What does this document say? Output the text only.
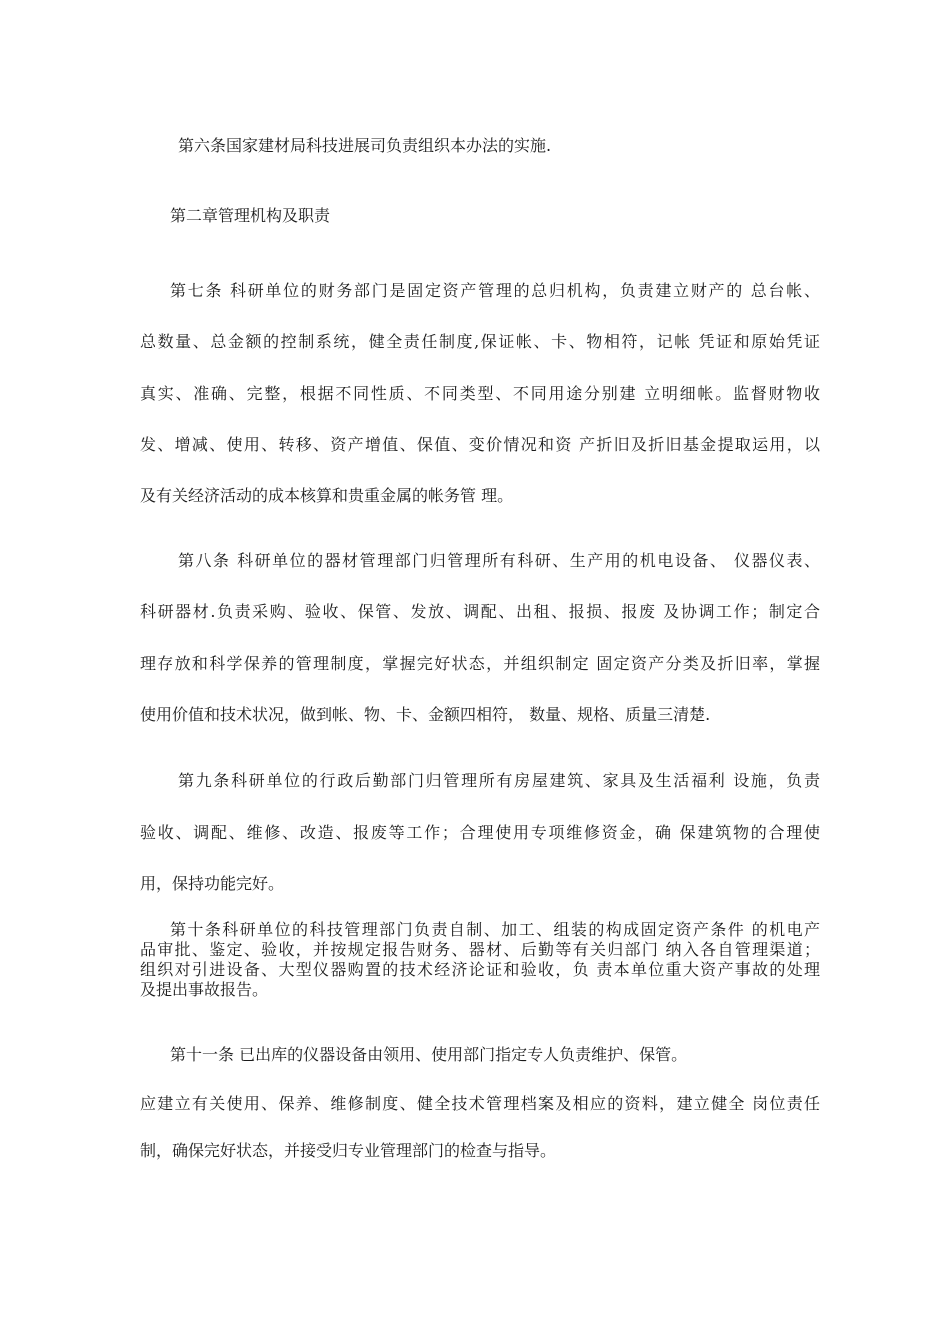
第六条国家建材局科技进展司负责组织本办法的实施.
第二章管理机构及职责
第七条 科研单位的财务部门是固定资产管理的总归机构，负责建立财产的 总台帐、
总数量、总金额的控制系统，健全责任制度,保证帐、卡、物相符，记帐 凭证和原始凭证
真实、准确、完整，根据不同性质、不同类型、不同用途分别建 立明细帐。监督财物收
发、增减、使用、转移、资产增值、保值、变价情况和资 产折旧及折旧基金提取运用，以
及有关经济活动的成本核算和贵重金属的帐务管 理。
第八条 科研单位的器材管理部门归管理所有科研、生产用的机电设备、 仪器仪表、
科研器材.负责采购、验收、保管、发放、调配、出租、报损、报废 及协调工作；制定合
理存放和科学保养的管理制度，掌握完好状态，并组织制定 固定资产分类及折旧率，掌握
使用价值和技术状况，做到帐、物、卡、金额四相符， 数量、规格、质量三清楚.
第九条科研单位的行政后勤部门归管理所有房屋建筑、家具及生活福利 设施，负责
验收、调配、维修、改造、报废等工作；合理使用专项维修资金，确 保建筑物的合理使
用，保持功能完好。
第十条科研单位的科技管理部门负责自制、加工、组装的构成固定资产条件 的机电产
品审批、鉴定、验收，并按规定报告财务、器材、后勤等有关归部门 纳入各自管理渠道；
组织对引进设备、大型仪器购置的技术经济论证和验收，负 责本单位重大资产事故的处理
及提出事故报告。
第十一条 已出库的仪器设备由领用、使用部门指定专人负责维护、保管。
应建立有关使用、保养、维修制度、健全技术管理档案及相应的资料，建立健全 岗位责任
制，确保完好状态，并接受归专业管理部门的检查与指导。
